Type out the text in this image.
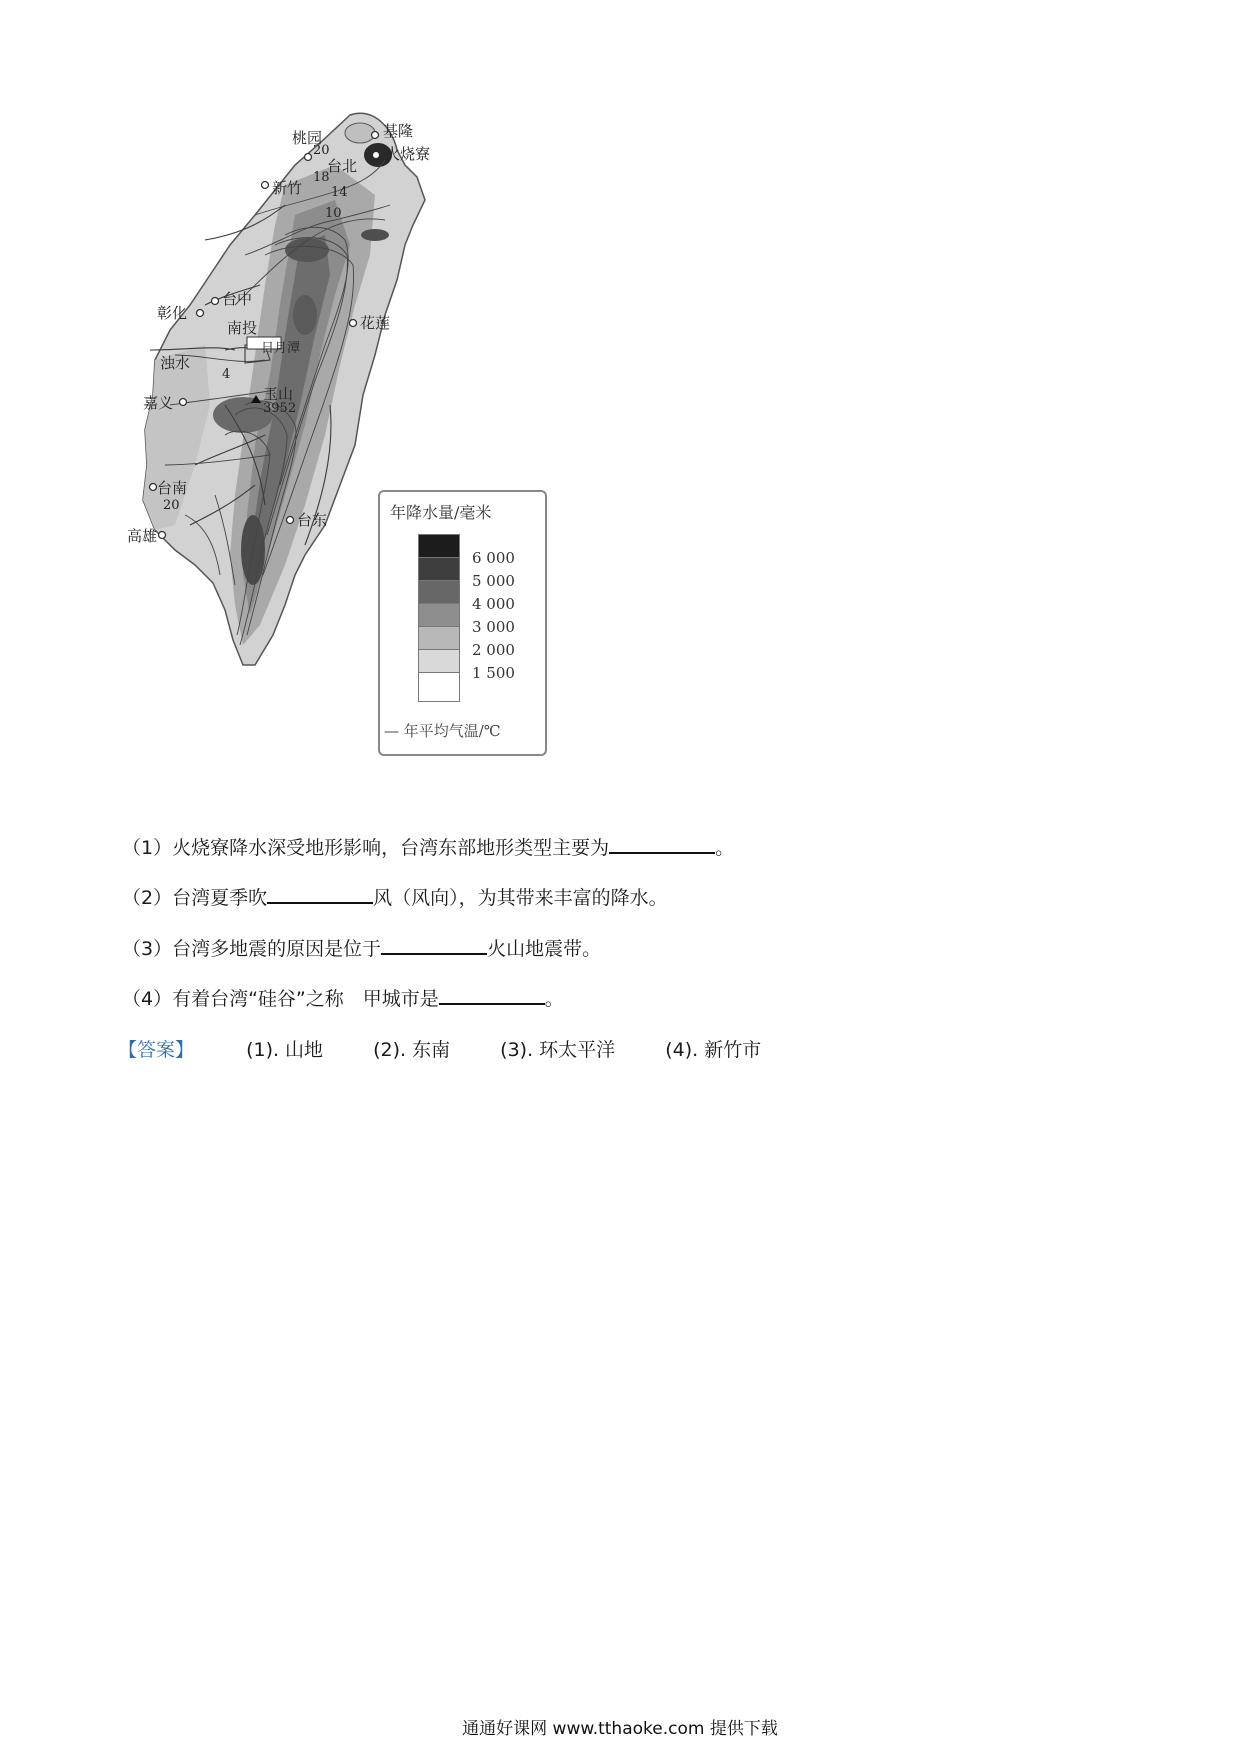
桃园	基隆
火烧寮
台北
新竹
台中
彰化
南投
日月潭
花莲
浊水
玉山
嘉义
台南
台东
高雄
20
18
14
10
3952
20
4
年降水量/毫米
6 000
5 000
4 000
3 000
2 000
1 500
— 年平均气温/℃
（1）火烧寮降水深受地形影响，台湾东部地形类型主要为	。
（2）台湾夏季吹	风（风向），为其带来丰富的降水。
（3）台湾多地震的原因是位于	火山地震带。
（4）有着台湾“硅谷”之称　甲城市是	。
【答案】	(1). 山地	(2). 东南	(3). 环太平洋	(4). 新竹市
通通好课网 www.tthaoke.com 提供下载
